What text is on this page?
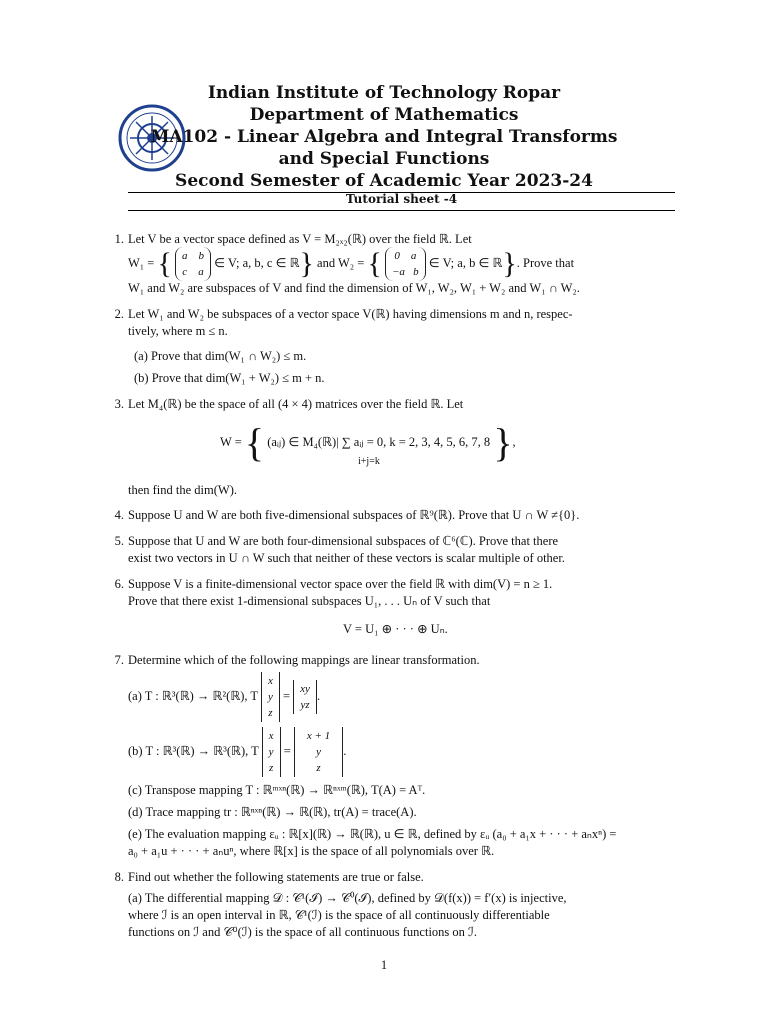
Indian Institute of Technology Ropar
Department of Mathematics
MA102 - Linear Algebra and Integral Transforms
and Special Functions
Second Semester of Academic Year 2023-24
Tutorial sheet -4
1. Let V be a vector space defined as V = M₂ₓ₂(ℝ) over the field ℝ. Let
W₁ = { a b
c a
∈ V; a, b, c ∈ ℝ} and W₂ = { 0 a
−a b
∈ V; a, b ∈ ℝ}. Prove that
W₁ and W₂ are subspaces of V and find the dimension of W₁, W₂, W₁ + W₂ and W₁ ∩ W₂.
2. Let W₁ and W₂ be subspaces of a vector space V(ℝ) having dimensions m and n, respec-
tively, where m ≤ n.
(a) Prove that dim(W₁ ∩ W₂) ≤ m.
(b) Prove that dim(W₁ + W₂) ≤ m + n.
3. Let M₄(ℝ) be the space of all (4 × 4) matrices over the field ℝ. Let
W = { (aᵢⱼ) ∈ M₄(ℝ)| ∑ aᵢⱼ = 0, k = 2, 3, 4, 5, 6, 7, 8 },
i+j=k
then find the dim(W).
4. Suppose U and W are both five-dimensional subspaces of ℝ⁹(ℝ). Prove that U ∩ W ≠{0}.
5. Suppose that U and W are both four-dimensional subspaces of ℂ⁶(ℂ). Prove that there
exist two vectors in U ∩ W such that neither of these vectors is scalar multiple of other.
6. Suppose V is a finite-dimensional vector space over the field ℝ with dim(V) = n ≥ 1.
Prove that there exist 1-dimensional subspaces U₁, . . . Uₙ of V such that
V = U₁ ⊕ · · · ⊕ Uₙ.
7. Determine which of the following mappings are linear transformation.
(a) T : ℝ³(ℝ) → ℝ²(ℝ), T
x
y
z
= xy
yz
.
(b) T : ℝ³(ℝ) → ℝ³(ℝ), T
x
y
z
=
x + 1
y
z
.
(c) Transpose mapping T : ℝᵐˣⁿ(ℝ) → ℝⁿˣᵐ(ℝ), T(A) = Aᵀ.
(d) Trace mapping tr : ℝⁿˣⁿ(ℝ) → ℝ(ℝ), tr(A) = trace(A).
(e) The evaluation mapping εᵤ : ℝ[x](ℝ) → ℝ(ℝ), u ∈ ℝ, defined by εᵤ (a₀ + a₁x + · · · + aₙxⁿ) =
a₀ + a₁u + · · · + aₙuⁿ, where ℝ[x] is the space of all polynomials over ℝ.
8. Find out whether the following statements are true or false.
(a) The differential mapping 𝒟 : 𝒞¹(ℐ) → 𝒞⁰(ℐ), defined by 𝒟(f(x)) = f′(x) is injective,
where ℐ is an open interval in ℝ, 𝒞¹(ℐ) is the space of all continuously differentiable
functions on ℐ and 𝒞⁰(ℐ) is the space of all continuous functions on ℐ.
1
